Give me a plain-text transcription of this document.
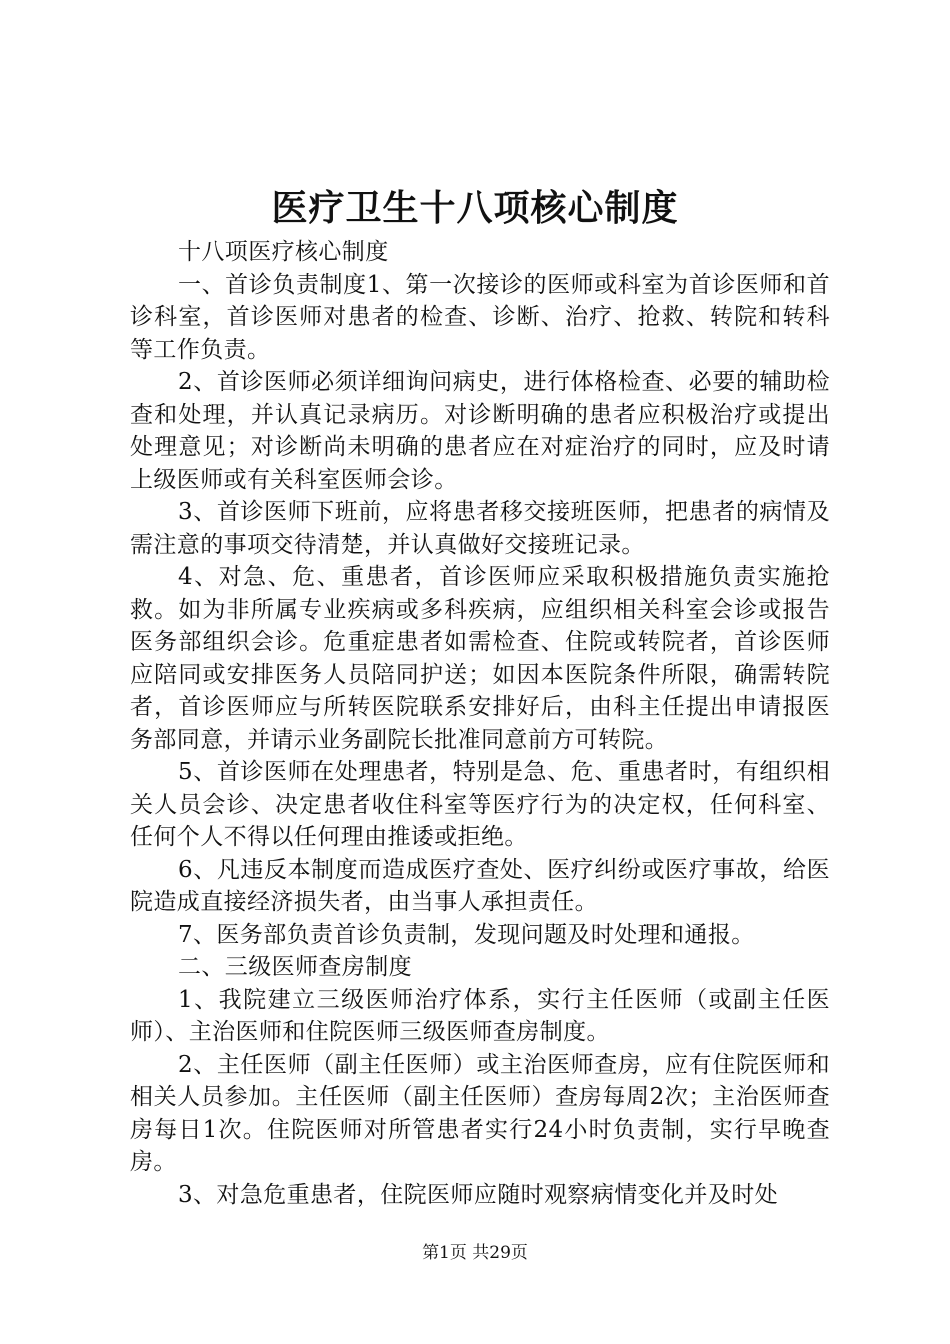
医疗卫生十八项核心制度

十八项医疗核心制度

一、首诊负责制度1、第一次接诊的医师或科室为首诊医师和首诊科室，首诊医师对患者的检查、诊断、治疗、抢救、转院和转科等工作负责。

2、首诊医师必须详细询问病史，进行体格检查、必要的辅助检查和处理，并认真记录病历。对诊断明确的患者应积极治疗或提出处理意见；对诊断尚未明确的患者应在对症治疗的同时，应及时请上级医师或有关科室医师会诊。

3、首诊医师下班前，应将患者移交接班医师，把患者的病情及需注意的事项交待清楚，并认真做好交接班记录。

4、对急、危、重患者，首诊医师应采取积极措施负责实施抢救。如为非所属专业疾病或多科疾病，应组织相关科室会诊或报告医务部组织会诊。危重症患者如需检查、住院或转院者，首诊医师应陪同或安排医务人员陪同护送；如因本医院条件所限，确需转院者，首诊医师应与所转医院联系安排好后，由科主任提出申请报医务部同意，并请示业务副院长批准同意前方可转院。

5、首诊医师在处理患者，特别是急、危、重患者时，有组织相关人员会诊、决定患者收住科室等医疗行为的决定权，任何科室、任何个人不得以任何理由推诿或拒绝。

6、凡违反本制度而造成医疗查处、医疗纠纷或医疗事故，给医院造成直接经济损失者，由当事人承担责任。

7、医务部负责首诊负责制，发现问题及时处理和通报。

二、三级医师查房制度

1、我院建立三级医师治疗体系，实行主任医师（或副主任医师）、主治医师和住院医师三级医师查房制度。

2、主任医师（副主任医师）或主治医师查房，应有住院医师和相关人员参加。主任医师（副主任医师）查房每周2次；主治医师查房每日1次。住院医师对所管患者实行24小时负责制，实行早晚查房。

3、对急危重患者，住院医师应随时观察病情变化并及时处

第1页 共29页
